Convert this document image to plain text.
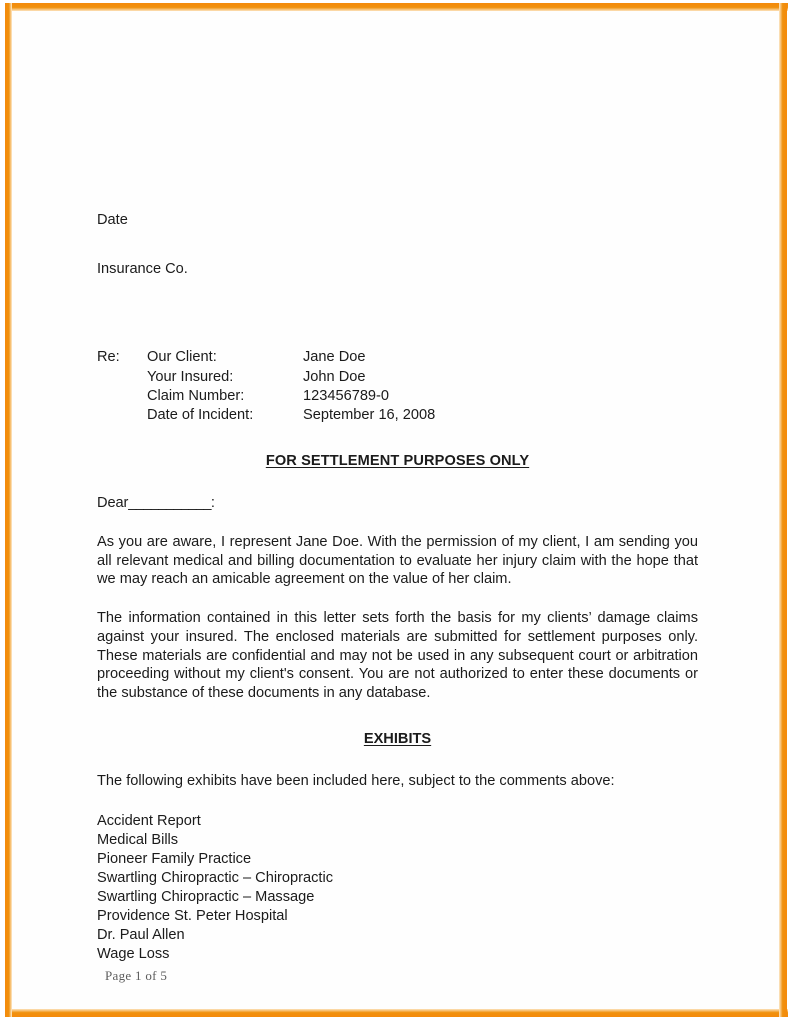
Date

Insurance Co.

Re:	Our Client:	Jane Doe
	Your Insured:	John Doe
	Claim Number:	123456789-0
	Date of Incident:	September 16, 2008

FOR SETTLEMENT PURPOSES ONLY

Dear___________:

As you are aware, I represent Jane Doe. With the permission of my client, I am sending you all relevant medical and billing documentation to evaluate her injury claim with the hope that we may reach an amicable agreement on the value of her claim.

The information contained in this letter sets forth the basis for my clients’ damage claims against your insured. The enclosed materials are submitted for settlement purposes only. These materials are confidential and may not be used in any subsequent court or arbitration proceeding without my client's consent. You are not authorized to enter these documents or the substance of these documents in any database.

EXHIBITS

The following exhibits have been included here, subject to the comments above:

Accident Report
Medical Bills
Pioneer Family Practice
Swartling Chiropractic – Chiropractic
Swartling Chiropractic – Massage
Providence St. Peter Hospital
Dr. Paul Allen
Wage Loss
Page 1 of 5
